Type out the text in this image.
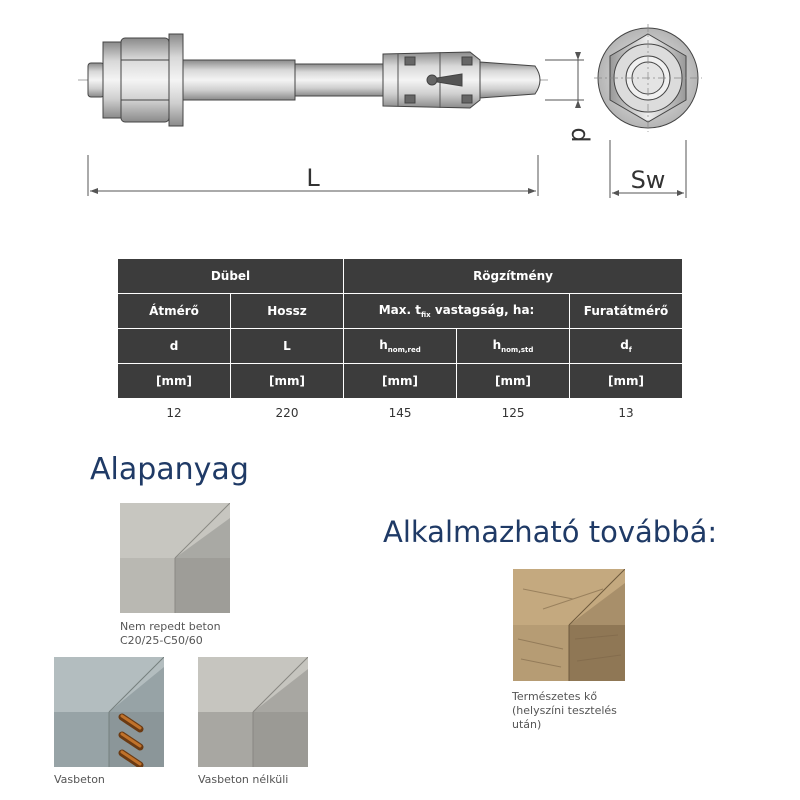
L
d
Sw
Dübel		Rögzítmény		
Átmérő	Hossz	Max. $t_{fix}$ vastagság, ha:		Furatátmérő
d	L	$h_{nom,red}$	$h_{nom,std}$	$d_f$
[mm]	[mm]	[mm]	[mm]	[mm]
12	220	145	125	13
Alapanyag
Nem repedt beton
C20/25-C50/60
Vasbeton	Vasbeton nélküli
Alkalmazható továbbá:
Természetes kő
(helyszíni tesztelés
után)
